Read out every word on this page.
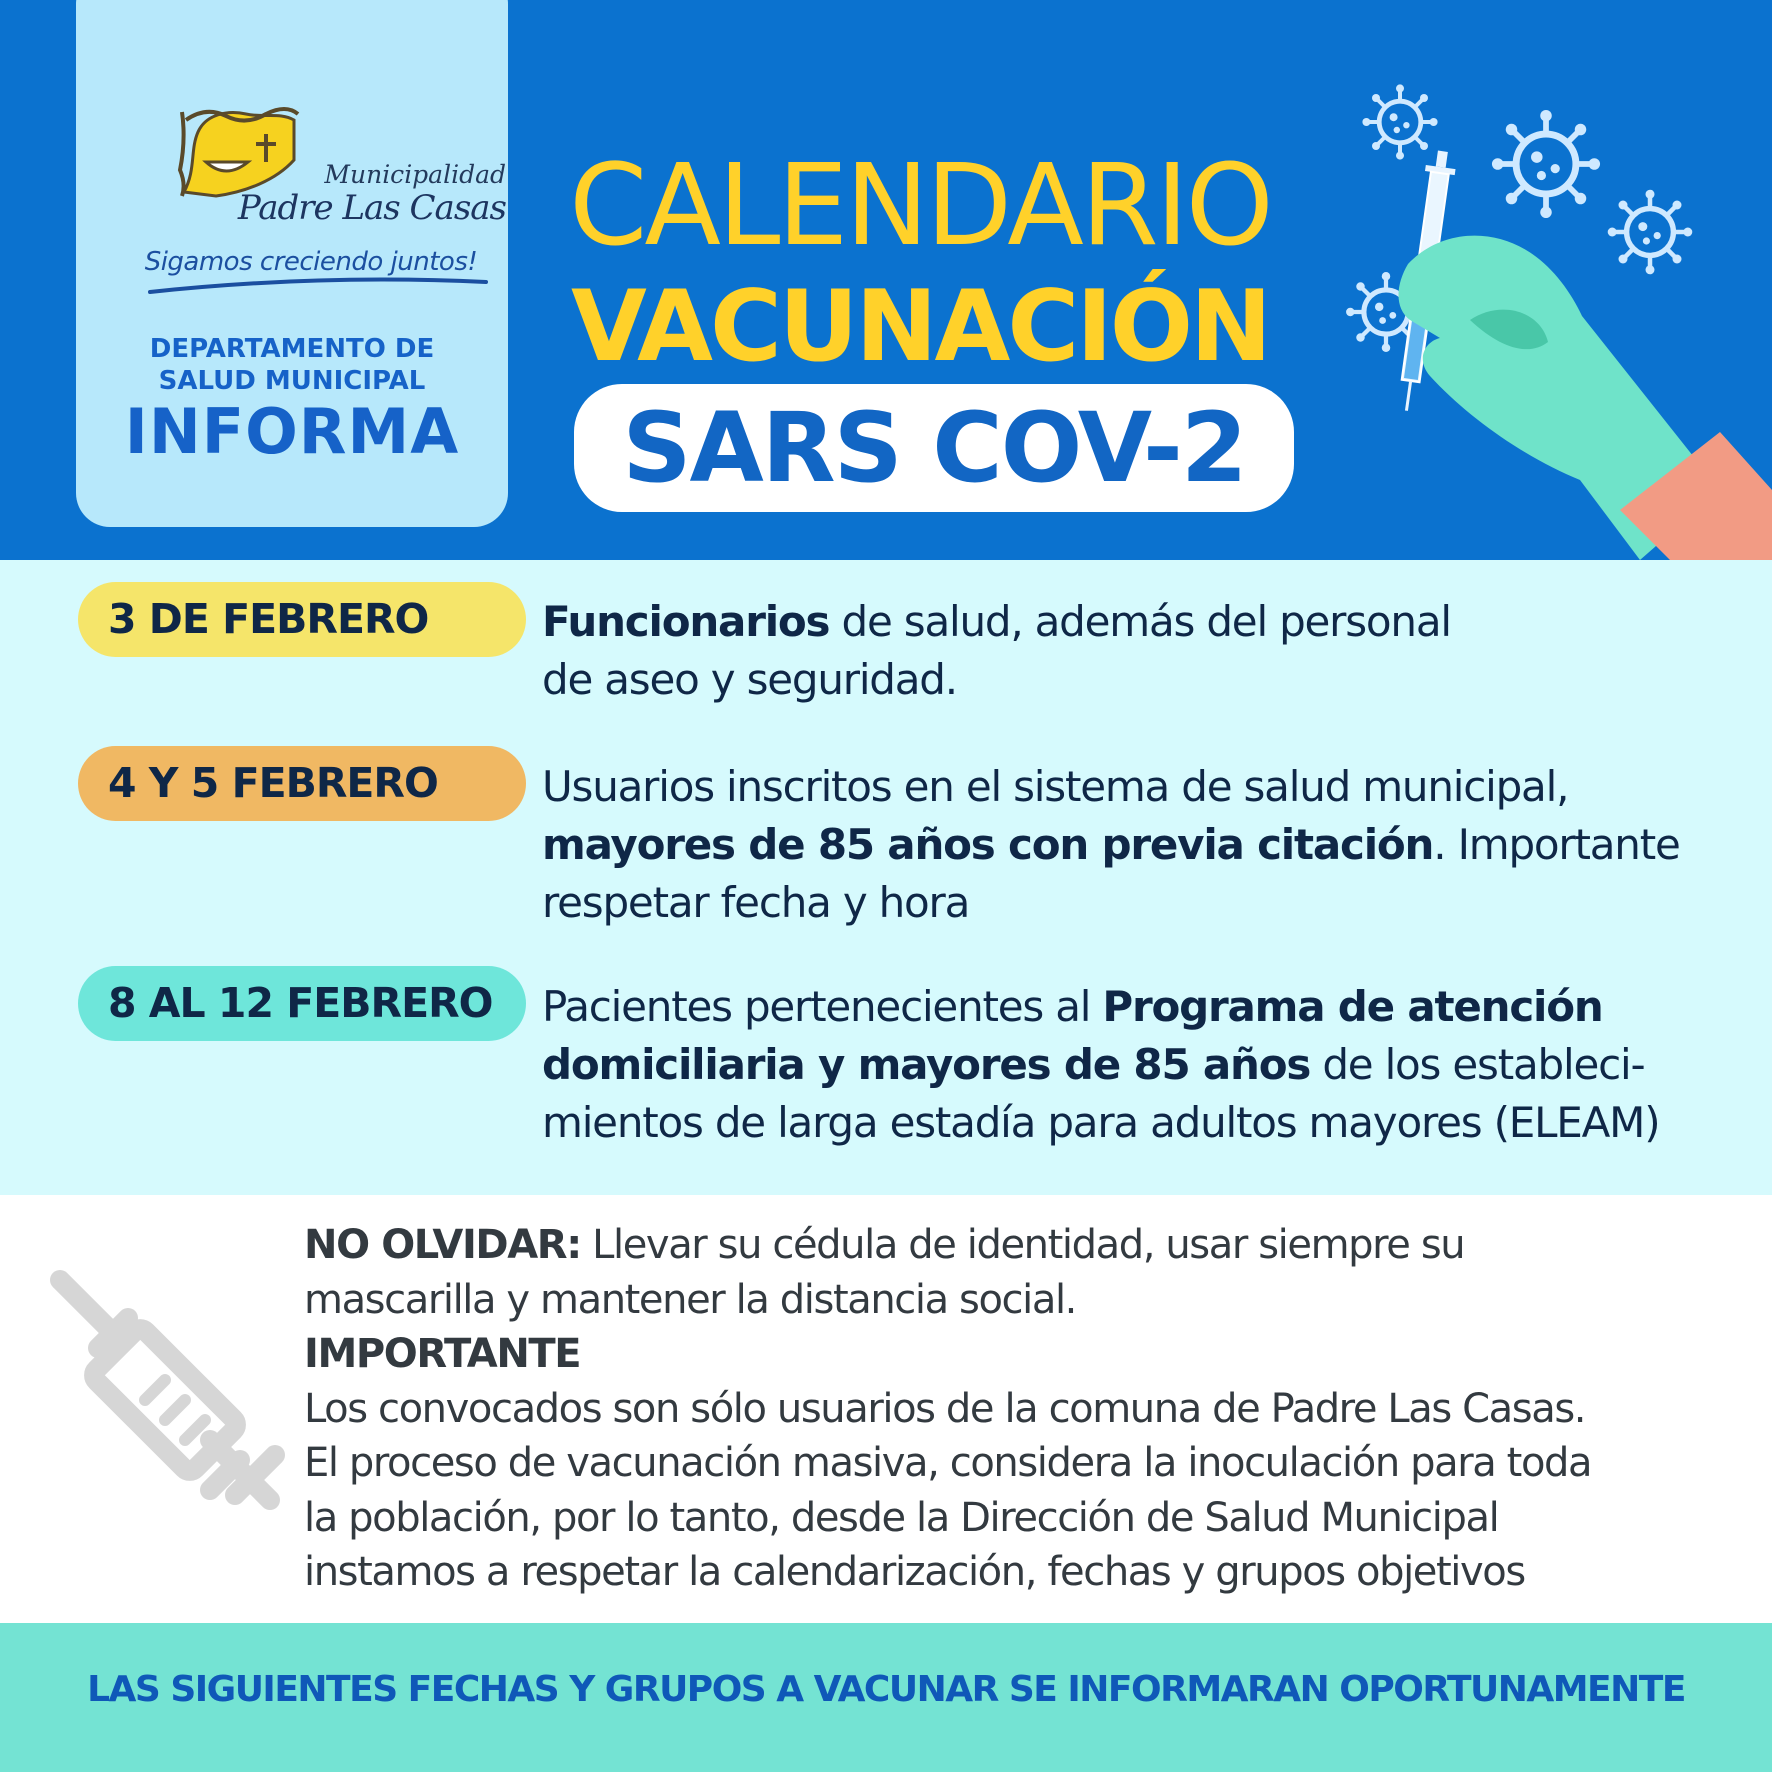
Municipalidad
Padre Las Casas
Sigamos creciendo juntos!
DEPARTAMENTO DE
SALUD MUNICIPAL
INFORMA
CALENDARIO
VACUNACIÓN
SARS COV-2
3 DE FEBRERO	Funcionarios de salud, además del personal
de aseo y seguridad.
4 Y 5 FEBRERO	Usuarios inscritos en el sistema de salud municipal,
mayores de 85 años con previa citación. Importante
respetar fecha y hora
8 AL 12 FEBRERO	Pacientes pertenecientes al Programa de atención
domiciliaria y mayores de 85 años de los estableci-
mientos de larga estadía para adultos mayores (ELEAM)
NO OLVIDAR: Llevar su cédula de identidad, usar siempre su
mascarilla y mantener la distancia social.
IMPORTANTE
Los convocados son sólo usuarios de la comuna de Padre Las Casas.
El proceso de vacunación masiva, considera la inoculación para toda
la población, por lo tanto, desde la Dirección de Salud Municipal
instamos a respetar la calendarización, fechas y grupos objetivos
LAS SIGUIENTES FECHAS Y GRUPOS A VACUNAR SE INFORMARAN OPORTUNAMENTE
